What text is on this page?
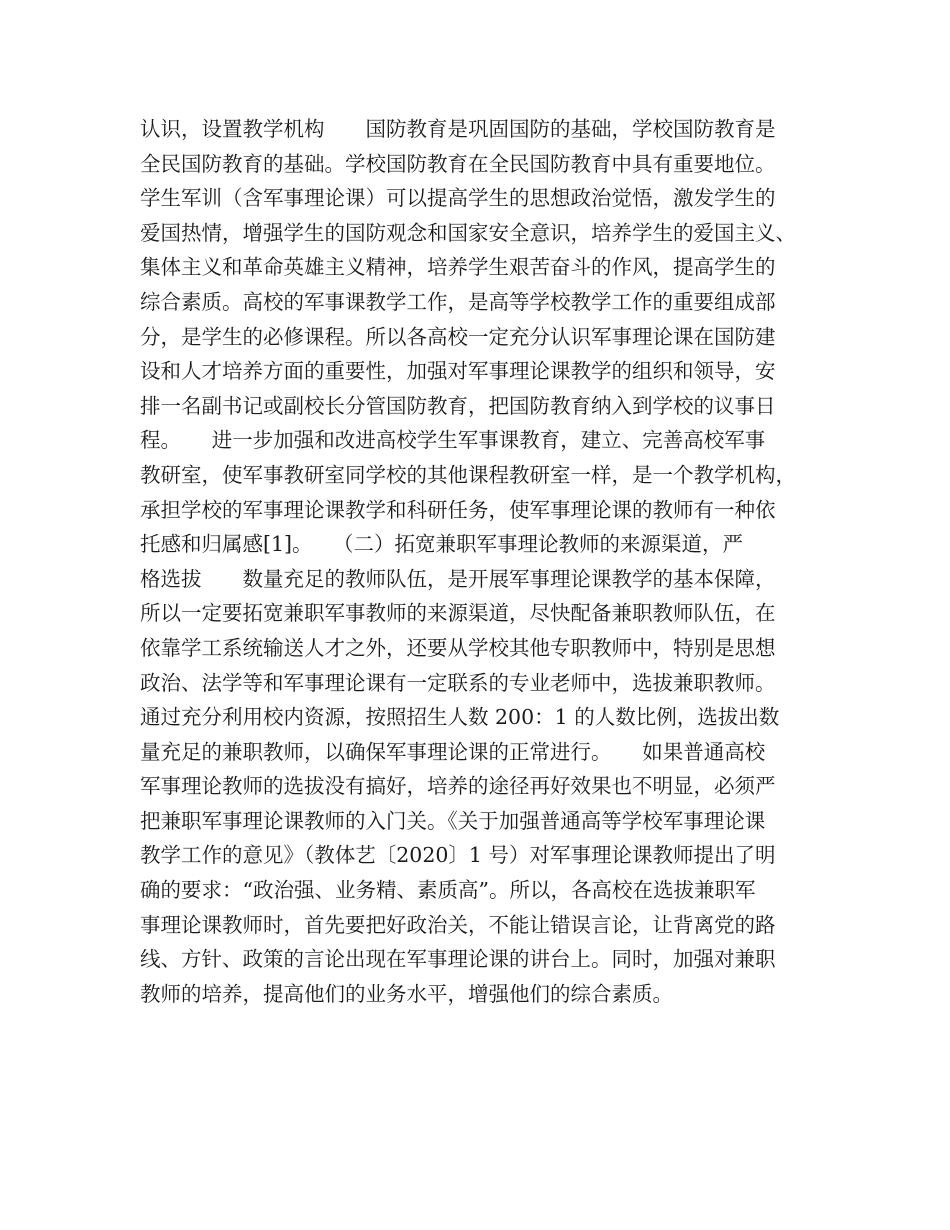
认识，设置教学机构　　国防教育是巩固国防的基础，学校国防教育是
全民国防教育的基础。学校国防教育在全民国防教育中具有重要地位。
学生军训（含军事理论课）可以提高学生的思想政治觉悟，激发学生的
爱国热情，增强学生的国防观念和国家安全意识，培养学生的爱国主义、
集体主义和革命英雄主义精神，培养学生艰苦奋斗的作风，提高学生的
综合素质。高校的军事课教学工作，是高等学校教学工作的重要组成部
分，是学生的必修课程。所以各高校一定充分认识军事理论课在国防建
设和人才培养方面的重要性，加强对军事理论课教学的组织和领导，安
排一名副书记或副校长分管国防教育，把国防教育纳入到学校的议事日
程。　　进一步加强和改进高校学生军事课教育，建立、完善高校军事
教研室，使军事教研室同学校的其他课程教研室一样，是一个教学机构，
承担学校的军事理论课教学和科研任务，使军事理论课的教师有一种依
托感和归属感[1]。　　（二）拓宽兼职军事理论教师的来源渠道，严
格选拔　　数量充足的教师队伍，是开展军事理论课教学的基本保障，
所以一定要拓宽兼职军事教师的来源渠道，尽快配备兼职教师队伍，在
依靠学工系统输送人才之外，还要从学校其他专职教师中，特别是思想
政治、法学等和军事理论课有一定联系的专业老师中，选拔兼职教师。
通过充分利用校内资源，按照招生人数 200：1 的人数比例，选拔出数
量充足的兼职教师，以确保军事理论课的正常进行。　　如果普通高校
军事理论教师的选拔没有搞好，培养的途径再好效果也不明显，必须严
把兼职军事理论课教师的入门关。《关于加强普通高等学校军事理论课
教学工作的意见》（教体艺〔2020〕1 号）对军事理论课教师提出了明
确的要求：“政治强、业务精、素质高”。所以，各高校在选拔兼职军
事理论课教师时，首先要把好政治关，不能让错误言论，让背离党的路
线、方针、政策的言论出现在军事理论课的讲台上。同时，加强对兼职
教师的培养，提高他们的业务水平，增强他们的综合素质。
